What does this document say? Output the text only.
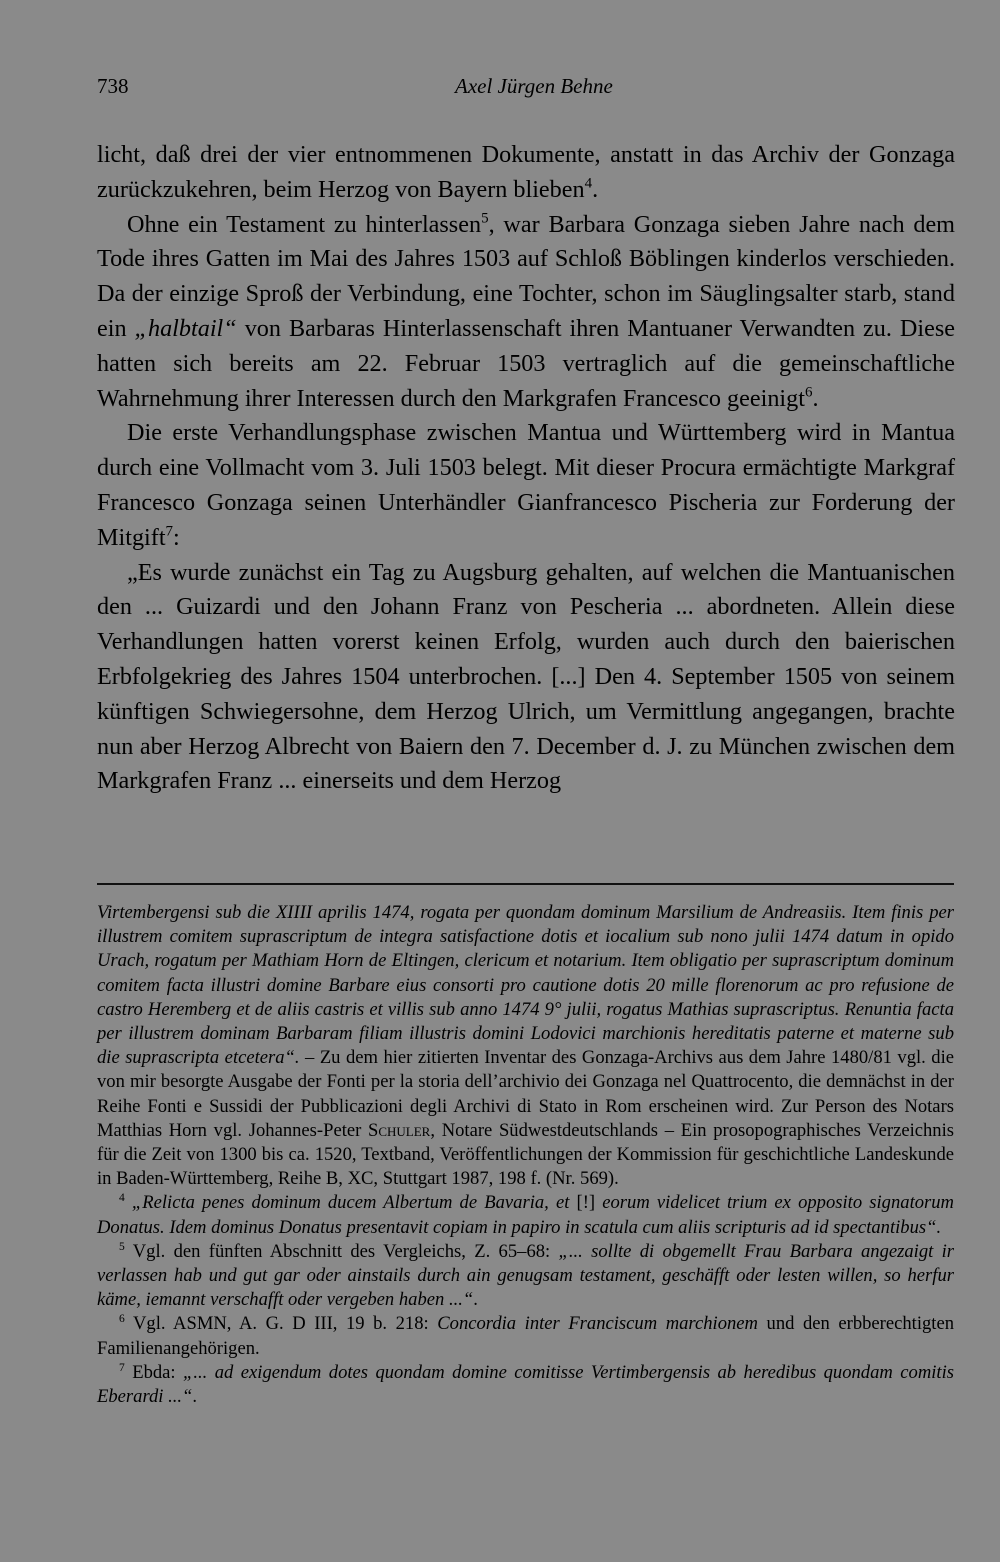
738	Axel Jürgen Behne

licht, daß drei der vier entnommenen Dokumente, anstatt in das Archiv der Gonzaga zurückzukehren, beim Herzog von Bayern blieben$^4$.

Ohne ein Testament zu hinterlassen$^5$, war Barbara Gonzaga sieben Jahre nach dem Tode ihres Gatten im Mai des Jahres 1503 auf Schloß Böblingen kinderlos verschieden. Da der einzige Sproß der Verbindung, eine Tochter, schon im Säuglingsalter starb, stand ein „halbtail“ von Barbaras Hinterlassenschaft ihren Mantuaner Verwandten zu. Diese hatten sich bereits am 22. Februar 1503 vertraglich auf die gemeinschaftliche Wahrnehmung ihrer Interessen durch den Markgrafen Francesco geeinigt$^6$.

Die erste Verhandlungsphase zwischen Mantua und Württemberg wird in Mantua durch eine Vollmacht vom 3. Juli 1503 belegt. Mit dieser Procura ermächtigte Markgraf Francesco Gonzaga seinen Unterhändler Gianfrancesco Pischeria zur Forderung der Mitgift$^7$:

„Es wurde zunächst ein Tag zu Augsburg gehalten, auf welchen die Mantuanischen den ... Guizardi und den Johann Franz von Pescheria ... abordneten. Allein diese Verhandlungen hatten vorerst keinen Erfolg, wurden auch durch den baierischen Erbfolgekrieg des Jahres 1504 unterbrochen. [...] Den 4. September 1505 von seinem künftigen Schwiegersohne, dem Herzog Ulrich, um Vermittlung angegangen, brachte nun aber Herzog Albrecht von Baiern den 7. December d. J. zu München zwischen dem Markgrafen Franz ... einerseits und dem Herzog

Virtembergensi sub die XIIII aprilis 1474, rogata per quondam dominum Marsilium de Andreasiis. Item finis per illustrem comitem suprascriptum de integra satisfactione dotis et iocalium sub nono julii 1474 datum in opido Urach, rogatum per Mathiam Horn de Eltingen, clericum et notarium. Item obligatio per suprascriptum dominum comitem facta illustri domine Barbare eius consorti pro cautione dotis 20 mille florenorum ac pro refusione de castro Heremberg et de aliis castris et villis sub anno 1474 9° julii, rogatus Mathias suprascriptus. Renuntia facta per illustrem dominam Barbaram filiam illustris domini Lodovici marchionis hereditatis paterne et materne sub die suprascripta etcetera“. – Zu dem hier zitierten Inventar des Gonzaga-Archivs aus dem Jahre 1480/81 vgl. die von mir besorgte Ausgabe der Fonti per la storia dell’archivio dei Gonzaga nel Quattrocento, die demnächst in der Reihe Fonti e Sussidi der Pubblicazioni degli Archivi di Stato in Rom erscheinen wird. Zur Person des Notars Matthias Horn vgl. Johannes-Peter Schuler, Notare Südwestdeutschlands – Ein prosopographisches Verzeichnis für die Zeit von 1300 bis ca. 1520, Textband, Veröffentlichungen der Kommission für geschichtliche Landeskunde in Baden-Württemberg, Reihe B, XC, Stuttgart 1987, 198 f. (Nr. 569).

$^4$ „Relicta penes dominum ducem Albertum de Bavaria, et [!] eorum videlicet trium ex opposito signatorum Donatus. Idem dominus Donatus presentavit copiam in papiro in scatula cum aliis scripturis ad id spectantibus“.

$^5$ Vgl. den fünften Abschnitt des Vergleichs, Z. 65–68: „... sollte di obgemellt Frau Barbara angezaigt ir verlassen hab und gut gar oder ainstails durch ain genugsam testament, geschäfft oder lesten willen, so herfur käme, iemannt verschafft oder vergeben haben ...“.

$^6$ Vgl. ASMN, A. G. D III, 19 b. 218: Concordia inter Franciscum marchionem und den erbberechtigten Familienangehörigen.

$^7$ Ebda: „... ad exigendum dotes quondam domine comitisse Vertimbergensis ab heredibus quondam comitis Eberardi ...“.
